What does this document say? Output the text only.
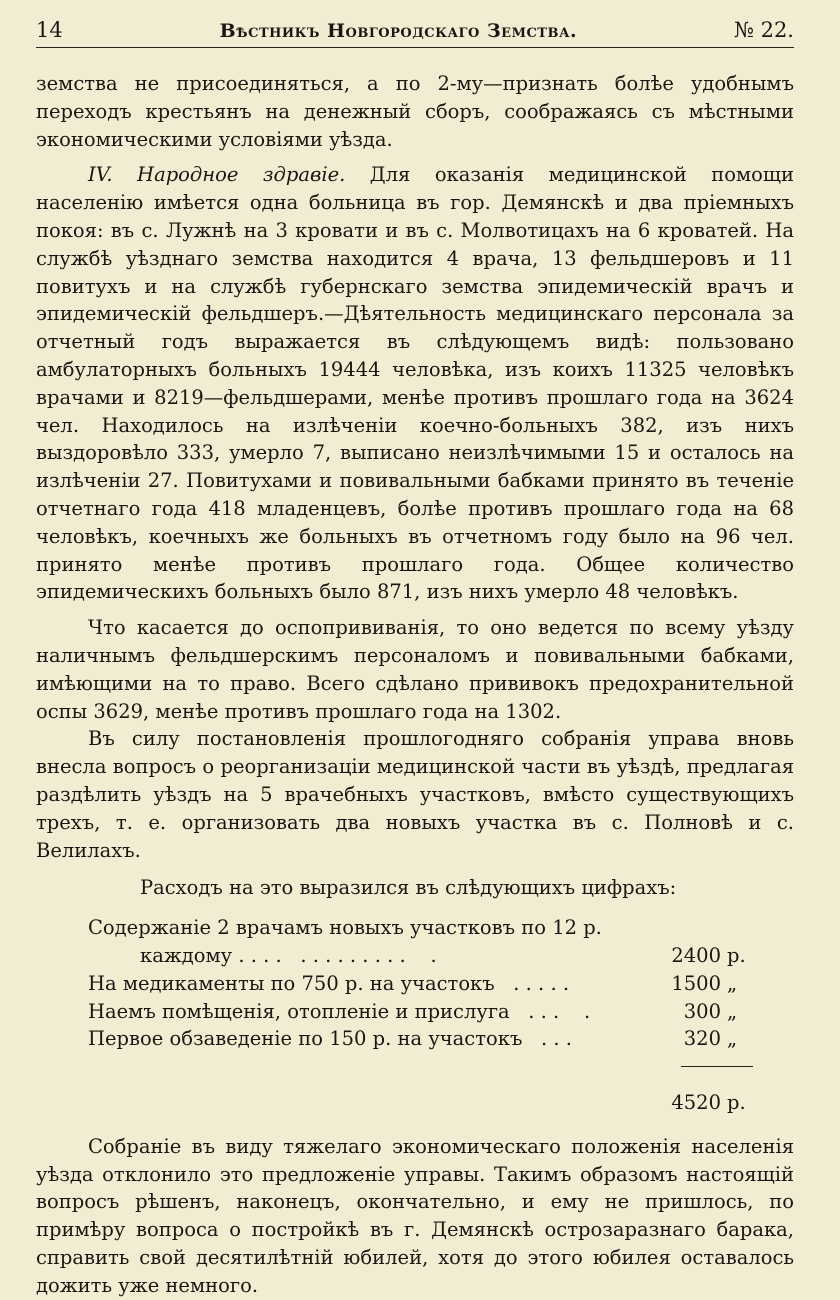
14	Вѣстникъ Новгородскаго Земства.	№ 22.

земства не присоединяться, а по 2-му—признать болѣе удобнымъ переходъ крестьянъ на денежный сборъ, соображаясь съ мѣстными экономическими условіями уѣзда.

IV. Народное здравіе. Для оказанія медицинской помощи населенію имѣется одна больница въ гор. Демянскѣ и два пріемныхъ покоя: въ с. Лужнѣ на 3 кровати и въ с. Молвотицахъ на 6 кроватей. На службѣ уѣзднаго земства находится 4 врача, 13 фельдшеровъ и 11 повитухъ и на службѣ губернскаго земства эпидемическій врачъ и эпидемическій фельдшеръ.—Дѣятельность медицинскаго персонала за отчетный годъ выражается въ слѣдующемъ видѣ: пользовано амбулаторныхъ больныхъ 19444 человѣка, изъ коихъ 11325 человѣкъ врачами и 8219—фельдшерами, менѣе противъ прошлаго года на 3624 чел. Находилось на излѣченіи коечно-больныхъ 382, изъ нихъ выздоровѣло 333, умерло 7, выписано неизлѣчимыми 15 и осталось на излѣченіи 27. Повитухами и повивальными бабками принято въ теченіе отчетнаго года 418 младенцевъ, болѣе противъ прошлаго года на 68 человѣкъ, коечныхъ же больныхъ въ отчетномъ году было на 96 чел. принято менѣе противъ прошлаго года. Общее количество эпидемическихъ больныхъ было 871, изъ нихъ умерло 48 человѣкъ.

Что касается до оспопрививанія, то оно ведется по всему уѣзду наличнымъ фельдшерскимъ персоналомъ и повивальными бабками, имѣющими на то право. Всего сдѣлано прививокъ предохранительной оспы 3629, менѣе противъ прошлаго года на 1302.

Въ силу постановленія прошлогодняго собранія управа вновь внесла вопросъ о реорганизаціи медицинской части въ уѣздѣ, предлагая раздѣлить уѣздъ на 5 врачебныхъ участковъ, вмѣсто существующихъ трехъ, т. е. организовать два новыхъ участка въ с. Полновѣ и с. Велилахъ.

Расходъ на это выразился въ слѣдующихъ цифрахъ:

Содержаніе 2 врачамъ новыхъ участковъ по 12 р.
каждому . . . .   . . . . . . . . .    .	2400 р.
На медикаменты по 750 р. на участокъ   . . . . .	1500 „
Наемъ помѣщенія, отопленіе и прислуга   . . .    .	300 „
Первое обзаведеніе по 150 р. на участокъ   . . .	320 „
4520 р.

Собраніе въ виду тяжелаго экономическаго положенія населенія уѣзда отклонило это предложеніе управы. Такимъ образомъ настоящій вопросъ рѣшенъ, наконецъ, окончательно, и ему не пришлось, по примѣру вопроса о постройкѣ въ г. Демянскѣ острозаразнаго барака, справить свой десятилѣтній юбилей, хотя до этого юбилея оставалось дожить уже немного.
